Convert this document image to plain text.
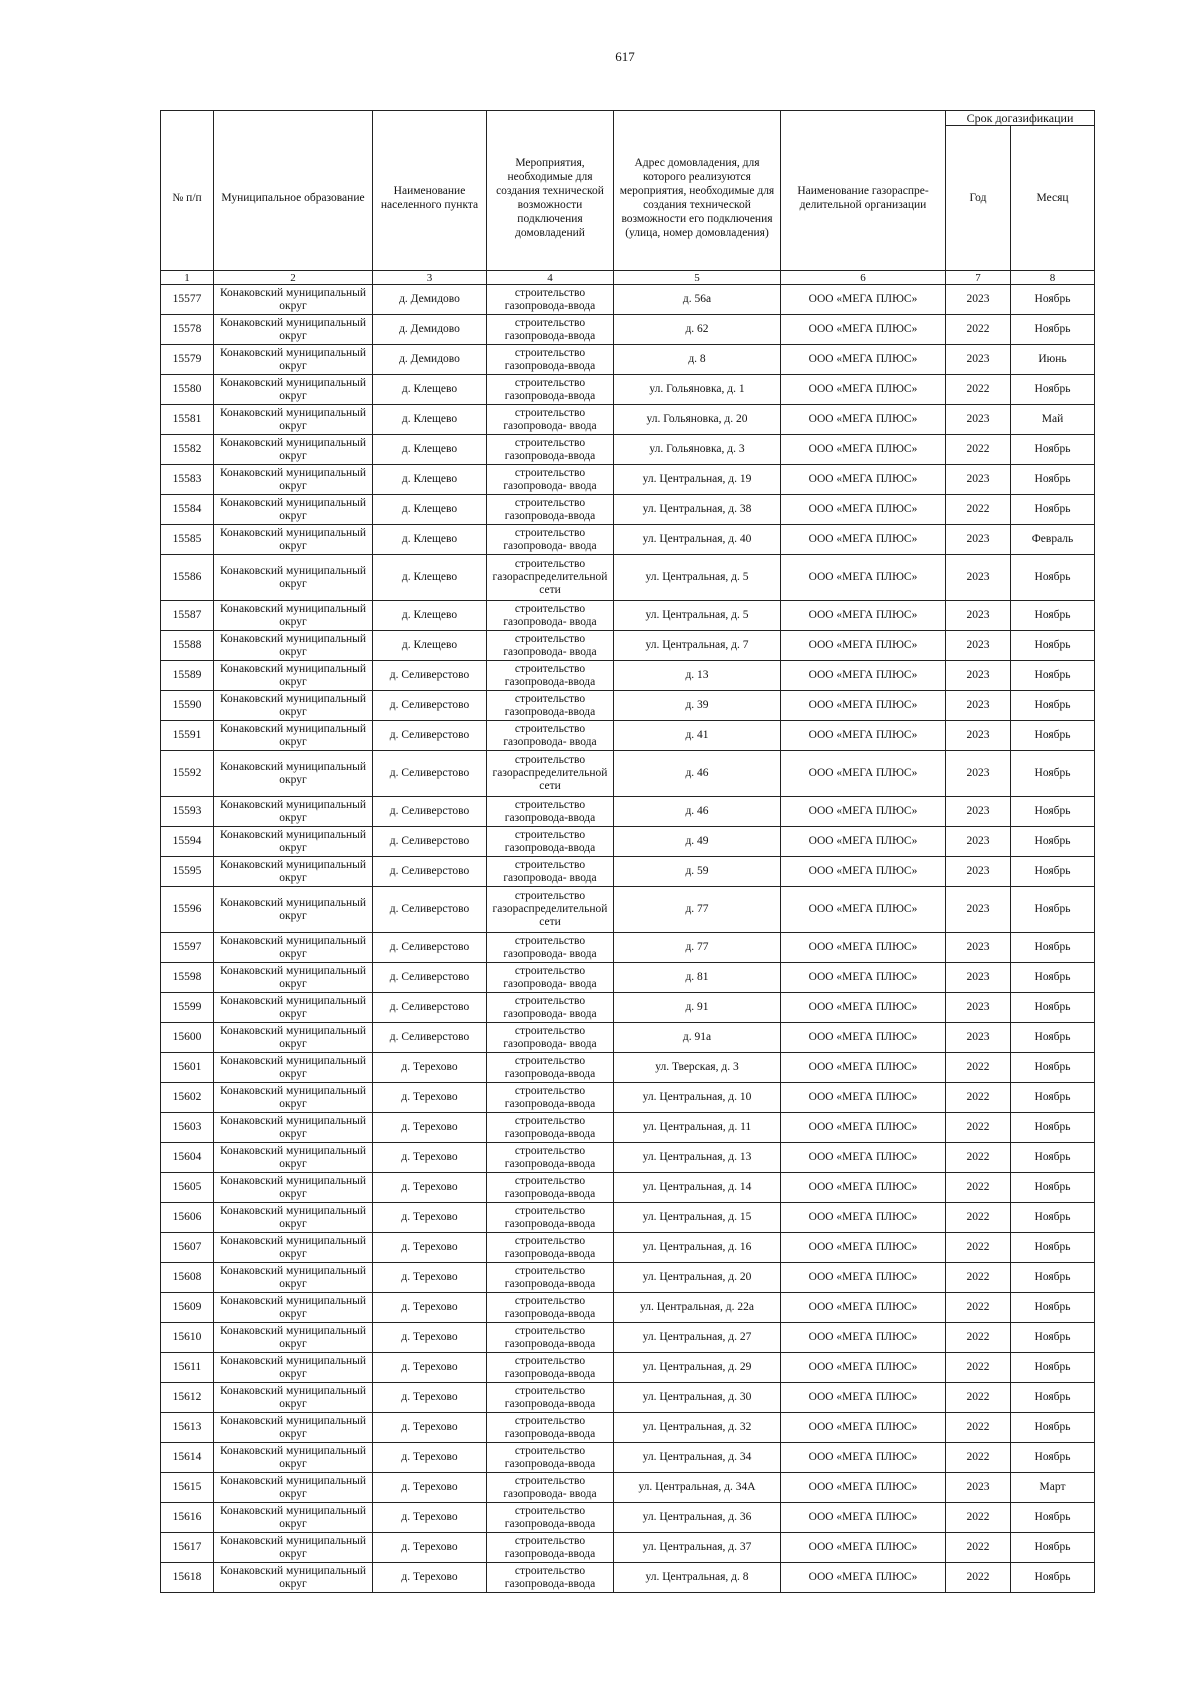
617
						Срок догазификации	
№ п/п	Муниципальное образование	Наименование населенного пункта	Мероприятия, необходимые для создания технической возможности подключения домовладений	Адрес домовладения, для которого реализуются мероприятия, необходимые для создания технической возможности его подключения (улица, номер домовладения)	Наименование газораспре-делительной организации	Год	Месяц
1	2	3	4	5	6	7	8
15577	Конаковский муниципальный округ	д. Демидово	строительство газопровода-ввода	д. 56а	ООО «МЕГА ПЛЮС»	2023	Ноябрь
15578	Конаковский муниципальный округ	д. Демидово	строительство газопровода-ввода	д. 62	ООО «МЕГА ПЛЮС»	2022	Ноябрь
15579	Конаковский муниципальный округ	д. Демидово	строительство газопровода-ввода	д. 8	ООО «МЕГА ПЛЮС»	2023	Июнь
15580	Конаковский муниципальный округ	д. Клещево	строительство газопровода-ввода	ул. Гольяновка, д. 1	ООО «МЕГА ПЛЮС»	2022	Ноябрь
15581	Конаковский муниципальный округ	д. Клещево	строительство газопровода- ввода	ул. Гольяновка, д. 20	ООО «МЕГА ПЛЮС»	2023	Май
15582	Конаковский муниципальный округ	д. Клещево	строительство газопровода-ввода	ул. Гольяновка, д. 3	ООО «МЕГА ПЛЮС»	2022	Ноябрь
15583	Конаковский муниципальный округ	д. Клещево	строительство газопровода- ввода	ул. Центральная, д. 19	ООО «МЕГА ПЛЮС»	2023	Ноябрь
15584	Конаковский муниципальный округ	д. Клещево	строительство газопровода-ввода	ул. Центральная, д. 38	ООО «МЕГА ПЛЮС»	2022	Ноябрь
15585	Конаковский муниципальный округ	д. Клещево	строительство газопровода- ввода	ул. Центральная, д. 40	ООО «МЕГА ПЛЮС»	2023	Февраль
15586	Конаковский муниципальный округ	д. Клещево	строительство газораспределительной сети	ул. Центральная, д. 5	ООО «МЕГА ПЛЮС»	2023	Ноябрь
15587	Конаковский муниципальный округ	д. Клещево	строительство газопровода- ввода	ул. Центральная, д. 5	ООО «МЕГА ПЛЮС»	2023	Ноябрь
15588	Конаковский муниципальный округ	д. Клещево	строительство газопровода- ввода	ул. Центральная, д. 7	ООО «МЕГА ПЛЮС»	2023	Ноябрь
15589	Конаковский муниципальный округ	д. Селиверстово	строительство газопровода-ввода	д. 13	ООО «МЕГА ПЛЮС»	2023	Ноябрь
15590	Конаковский муниципальный округ	д. Селиверстово	строительство газопровода-ввода	д. 39	ООО «МЕГА ПЛЮС»	2023	Ноябрь
15591	Конаковский муниципальный округ	д. Селиверстово	строительство газопровода- ввода	д. 41	ООО «МЕГА ПЛЮС»	2023	Ноябрь
15592	Конаковский муниципальный округ	д. Селиверстово	строительство газораспределительной сети	д. 46	ООО «МЕГА ПЛЮС»	2023	Ноябрь
15593	Конаковский муниципальный округ	д. Селиверстово	строительство газопровода-ввода	д. 46	ООО «МЕГА ПЛЮС»	2023	Ноябрь
15594	Конаковский муниципальный округ	д. Селиверстово	строительство газопровода-ввода	д. 49	ООО «МЕГА ПЛЮС»	2023	Ноябрь
15595	Конаковский муниципальный округ	д. Селиверстово	строительство газопровода- ввода	д. 59	ООО «МЕГА ПЛЮС»	2023	Ноябрь
15596	Конаковский муниципальный округ	д. Селиверстово	строительство газораспределительной сети	д. 77	ООО «МЕГА ПЛЮС»	2023	Ноябрь
15597	Конаковский муниципальный округ	д. Селиверстово	строительство газопровода- ввода	д. 77	ООО «МЕГА ПЛЮС»	2023	Ноябрь
15598	Конаковский муниципальный округ	д. Селиверстово	строительство газопровода- ввода	д. 81	ООО «МЕГА ПЛЮС»	2023	Ноябрь
15599	Конаковский муниципальный округ	д. Селиверстово	строительство газопровода- ввода	д. 91	ООО «МЕГА ПЛЮС»	2023	Ноябрь
15600	Конаковский муниципальный округ	д. Селиверстово	строительство газопровода- ввода	д. 91а	ООО «МЕГА ПЛЮС»	2023	Ноябрь
15601	Конаковский муниципальный округ	д. Терехово	строительство газопровода-ввода	ул. Тверская, д. 3	ООО «МЕГА ПЛЮС»	2022	Ноябрь
15602	Конаковский муниципальный округ	д. Терехово	строительство газопровода-ввода	ул. Центральная, д. 10	ООО «МЕГА ПЛЮС»	2022	Ноябрь
15603	Конаковский муниципальный округ	д. Терехово	строительство газопровода-ввода	ул. Центральная, д. 11	ООО «МЕГА ПЛЮС»	2022	Ноябрь
15604	Конаковский муниципальный округ	д. Терехово	строительство газопровода-ввода	ул. Центральная, д. 13	ООО «МЕГА ПЛЮС»	2022	Ноябрь
15605	Конаковский муниципальный округ	д. Терехово	строительство газопровода-ввода	ул. Центральная, д. 14	ООО «МЕГА ПЛЮС»	2022	Ноябрь
15606	Конаковский муниципальный округ	д. Терехово	строительство газопровода-ввода	ул. Центральная, д. 15	ООО «МЕГА ПЛЮС»	2022	Ноябрь
15607	Конаковский муниципальный округ	д. Терехово	строительство газопровода-ввода	ул. Центральная, д. 16	ООО «МЕГА ПЛЮС»	2022	Ноябрь
15608	Конаковский муниципальный округ	д. Терехово	строительство газопровода-ввода	ул. Центральная, д. 20	ООО «МЕГА ПЛЮС»	2022	Ноябрь
15609	Конаковский муниципальный округ	д. Терехово	строительство газопровода-ввода	ул. Центральная, д. 22а	ООО «МЕГА ПЛЮС»	2022	Ноябрь
15610	Конаковский муниципальный округ	д. Терехово	строительство газопровода-ввода	ул. Центральная, д. 27	ООО «МЕГА ПЛЮС»	2022	Ноябрь
15611	Конаковский муниципальный округ	д. Терехово	строительство газопровода-ввода	ул. Центральная, д. 29	ООО «МЕГА ПЛЮС»	2022	Ноябрь
15612	Конаковский муниципальный округ	д. Терехово	строительство газопровода-ввода	ул. Центральная, д. 30	ООО «МЕГА ПЛЮС»	2022	Ноябрь
15613	Конаковский муниципальный округ	д. Терехово	строительство газопровода-ввода	ул. Центральная, д. 32	ООО «МЕГА ПЛЮС»	2022	Ноябрь
15614	Конаковский муниципальный округ	д. Терехово	строительство газопровода-ввода	ул. Центральная, д. 34	ООО «МЕГА ПЛЮС»	2022	Ноябрь
15615	Конаковский муниципальный округ	д. Терехово	строительство газопровода- ввода	ул. Центральная, д. 34А	ООО «МЕГА ПЛЮС»	2023	Март
15616	Конаковский муниципальный округ	д. Терехово	строительство газопровода-ввода	ул. Центральная, д. 36	ООО «МЕГА ПЛЮС»	2022	Ноябрь
15617	Конаковский муниципальный округ	д. Терехово	строительство газопровода-ввода	ул. Центральная, д. 37	ООО «МЕГА ПЛЮС»	2022	Ноябрь
15618	Конаковский муниципальный округ	д. Терехово	строительство газопровода-ввода	ул. Центральная, д. 8	ООО «МЕГА ПЛЮС»	2022	Ноябрь
